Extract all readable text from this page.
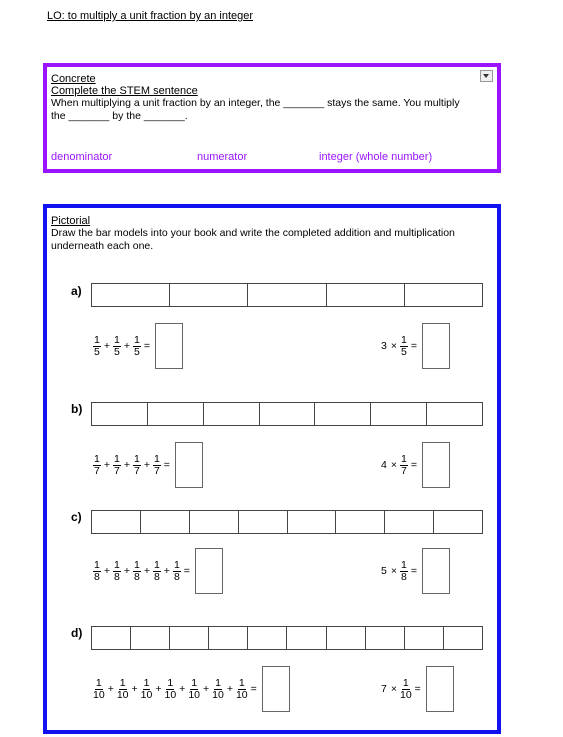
LO: to multiply a unit fraction by an integer
Concrete
Complete the STEM sentence
When multiplying a unit fraction by an integer, the _______ stays the same. You multiply
the _______ by the _______.
denominator	numerator	integer (whole number)
Pictorial
Draw the bar models into your book and write the completed addition and multiplication
underneath each one.
a)
$\frac{1}{5} + \frac{1}{5} + \frac{1}{5}$ =	$3 \times \frac{1}{5}$ =
b)
$\frac{1}{7} + \frac{1}{7} + \frac{1}{7} + \frac{1}{7}$ =	$4 \times \frac{1}{7}$ =
c)
$\frac{1}{8} + \frac{1}{8} + \frac{1}{8} + \frac{1}{8} + \frac{1}{8}$ =	$5 \times \frac{1}{8}$ =
d)
$\frac{1}{10} + \frac{1}{10} + \frac{1}{10} + \frac{1}{10} + \frac{1}{10} + \frac{1}{10} + \frac{1}{10}$ =	$7 \times \frac{1}{10}$ =
